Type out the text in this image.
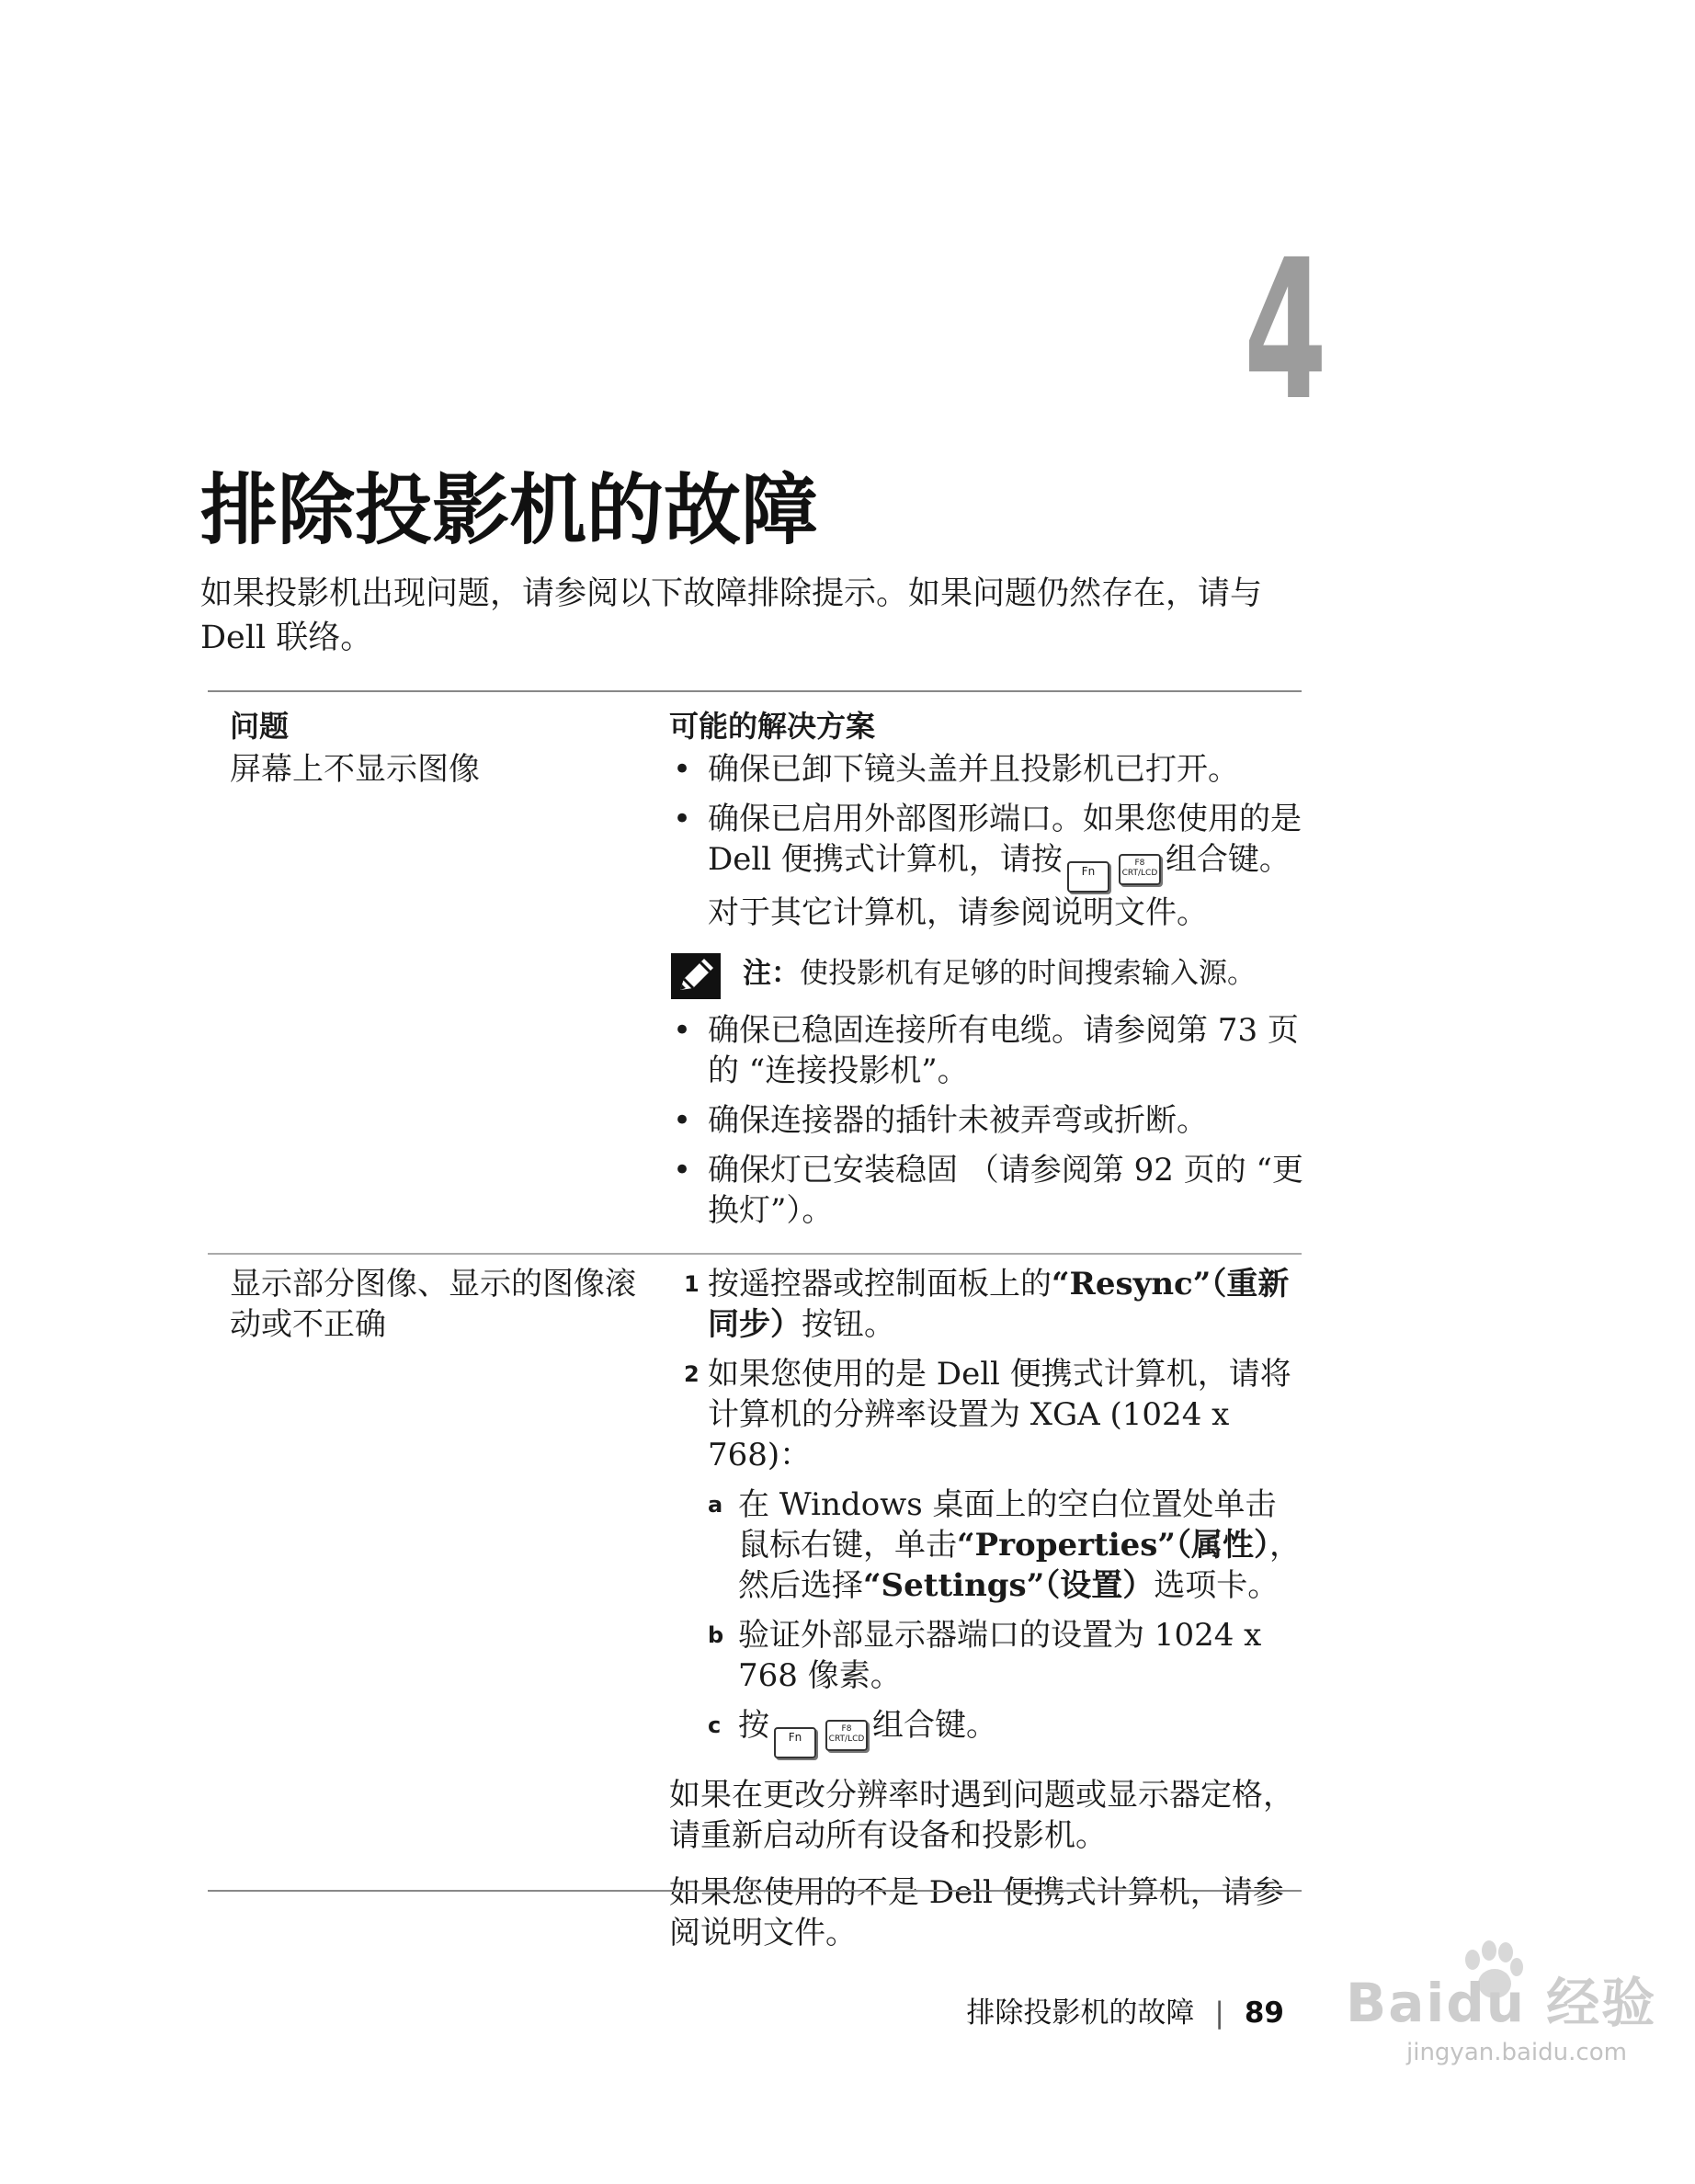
4
排除投影机的故障
如果投影机出现问题，请参阅以下故障排除提示。如果问题仍然存在，请与 Dell 联络。
问题	可能的解决方案
屏幕上不显示图像	• 确保已卸下镜头盖并且投影机已打开。
• 确保已启用外部图形端口。如果您使用的是 Dell 便携式计算机，请按 FnF8
CRT/LCD 组合键。对于其它计算机，请参阅说明文件。
注：使投影机有足够的时间搜索输入源。
• 确保已稳固连接所有电缆。请参阅第 73 页的 “连接投影机”。
• 确保连接器的插针未被弄弯或折断。
• 确保灯已安装稳固 （请参阅第 92 页的 “更换灯”）。
显示部分图像、显示的图像滚动或不正确
1 按遥控器或控制面板上的“Resync”（重新同步）按钮。
2 如果您使用的是 Dell 便携式计算机，请将计算机的分辨率设置为 XGA (1024 x 768)：
a 在 Windows 桌面上的空白位置处单击鼠标右键，单击“Properties”（属性），然后选择“Settings”（设置）选项卡。
b 验证外部显示器端口的设置为 1024 x 768 像素。
c 按 FnF8
CRT/LCD 组合键。

如果在更改分辨率时遇到问题或显示器定格，请重新启动所有设备和投影机。

如果您使用的不是 Dell 便携式计算机，请参阅说明文件。

Baidu 经验
jingyan.baidu.com
排除投影机的故障 | 89
